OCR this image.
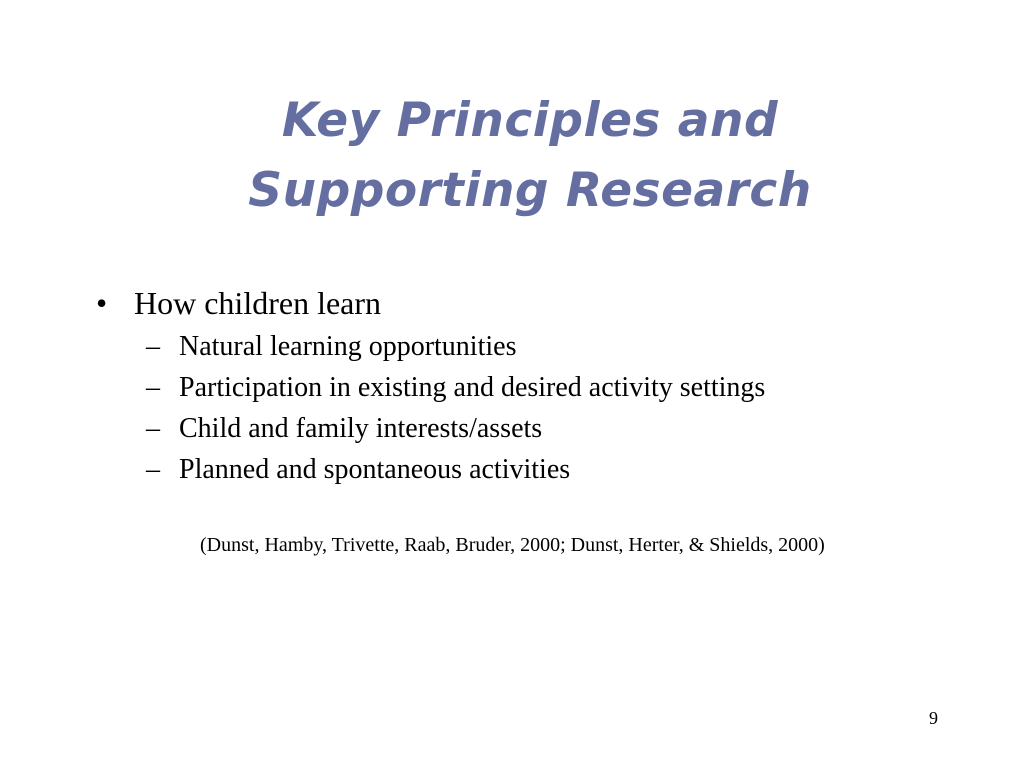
Key Principles and
Supporting Research
• How children learn
– Natural learning opportunities
– Participation in existing and desired activity settings
– Child and family interests/assets
– Planned and spontaneous activities
(Dunst, Hamby, Trivette, Raab, Bruder, 2000; Dunst, Herter, & Shields, 2000)
9
